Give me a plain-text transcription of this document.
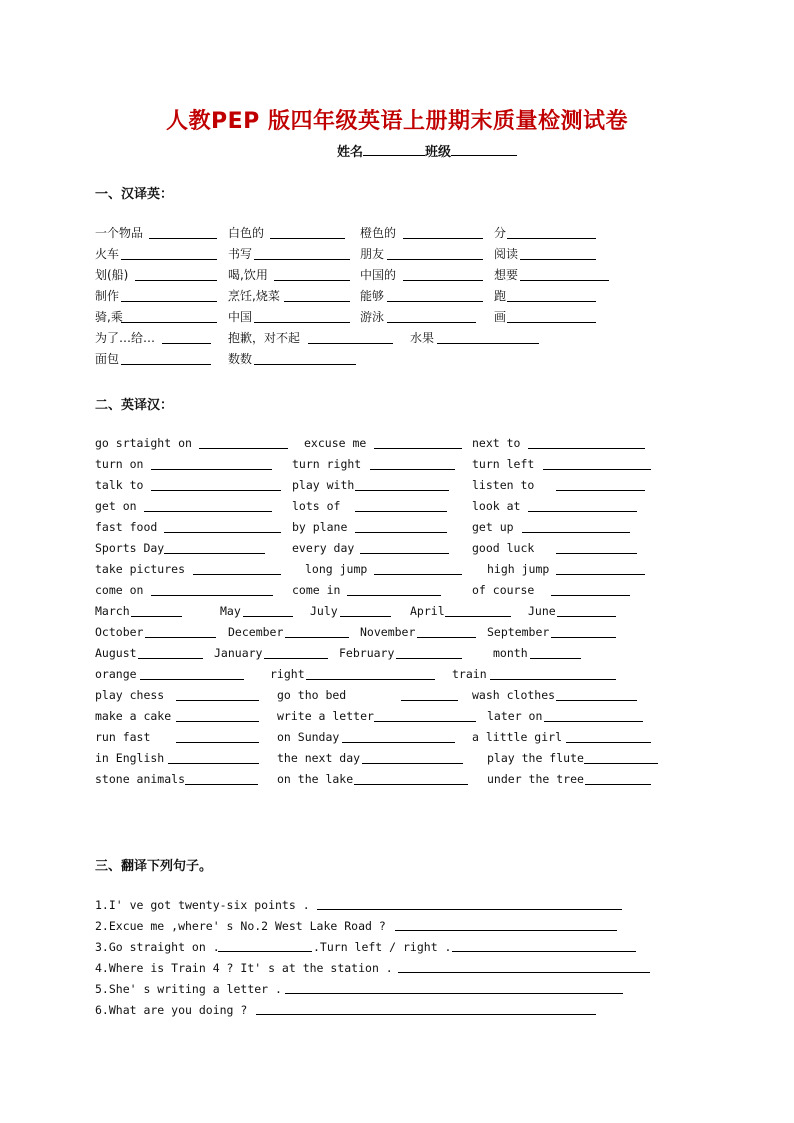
人教PEP 版四年级英语上册期末质量检测试卷
姓名	班级
一、汉译英：
二、英译汉：
三、翻译下列句子。
一个物品	白色的	橙色的	分
火车	书写	朋友	阅读
划(船)	喝,饮用	中国的	想要
制作	烹饪,烧菜	能够	跑
骑,乘	中国	游泳	画
为了…给…	抱歉，对不起	水果
面包	数数
go srtaight on	excuse me	next to
turn on	turn right	turn left
talk to	play with	listen to
get on	lots of	look at
fast food	by plane	get up
Sports Day	every day	good luck
take pictures	long jump	high jump
come on	come in	of course
March	May	July	April	June
October	December	November	September
August	January	February	month
orange	right	train
play chess	go tho bed	wash clothes
make a cake	write a letter	later on
run fast	on Sunday	a little girl
in English	the next day	play the flute
stone animals	on the lake	under the tree
1.I' ve got twenty-six points .
2.Excue me ,where' s No.2 West Lake Road ?
3.Go straight on .	.Turn left / right .
4.Where is Train 4 ? It' s at the station .
5.She' s writing a letter .
6.What are you doing ?
